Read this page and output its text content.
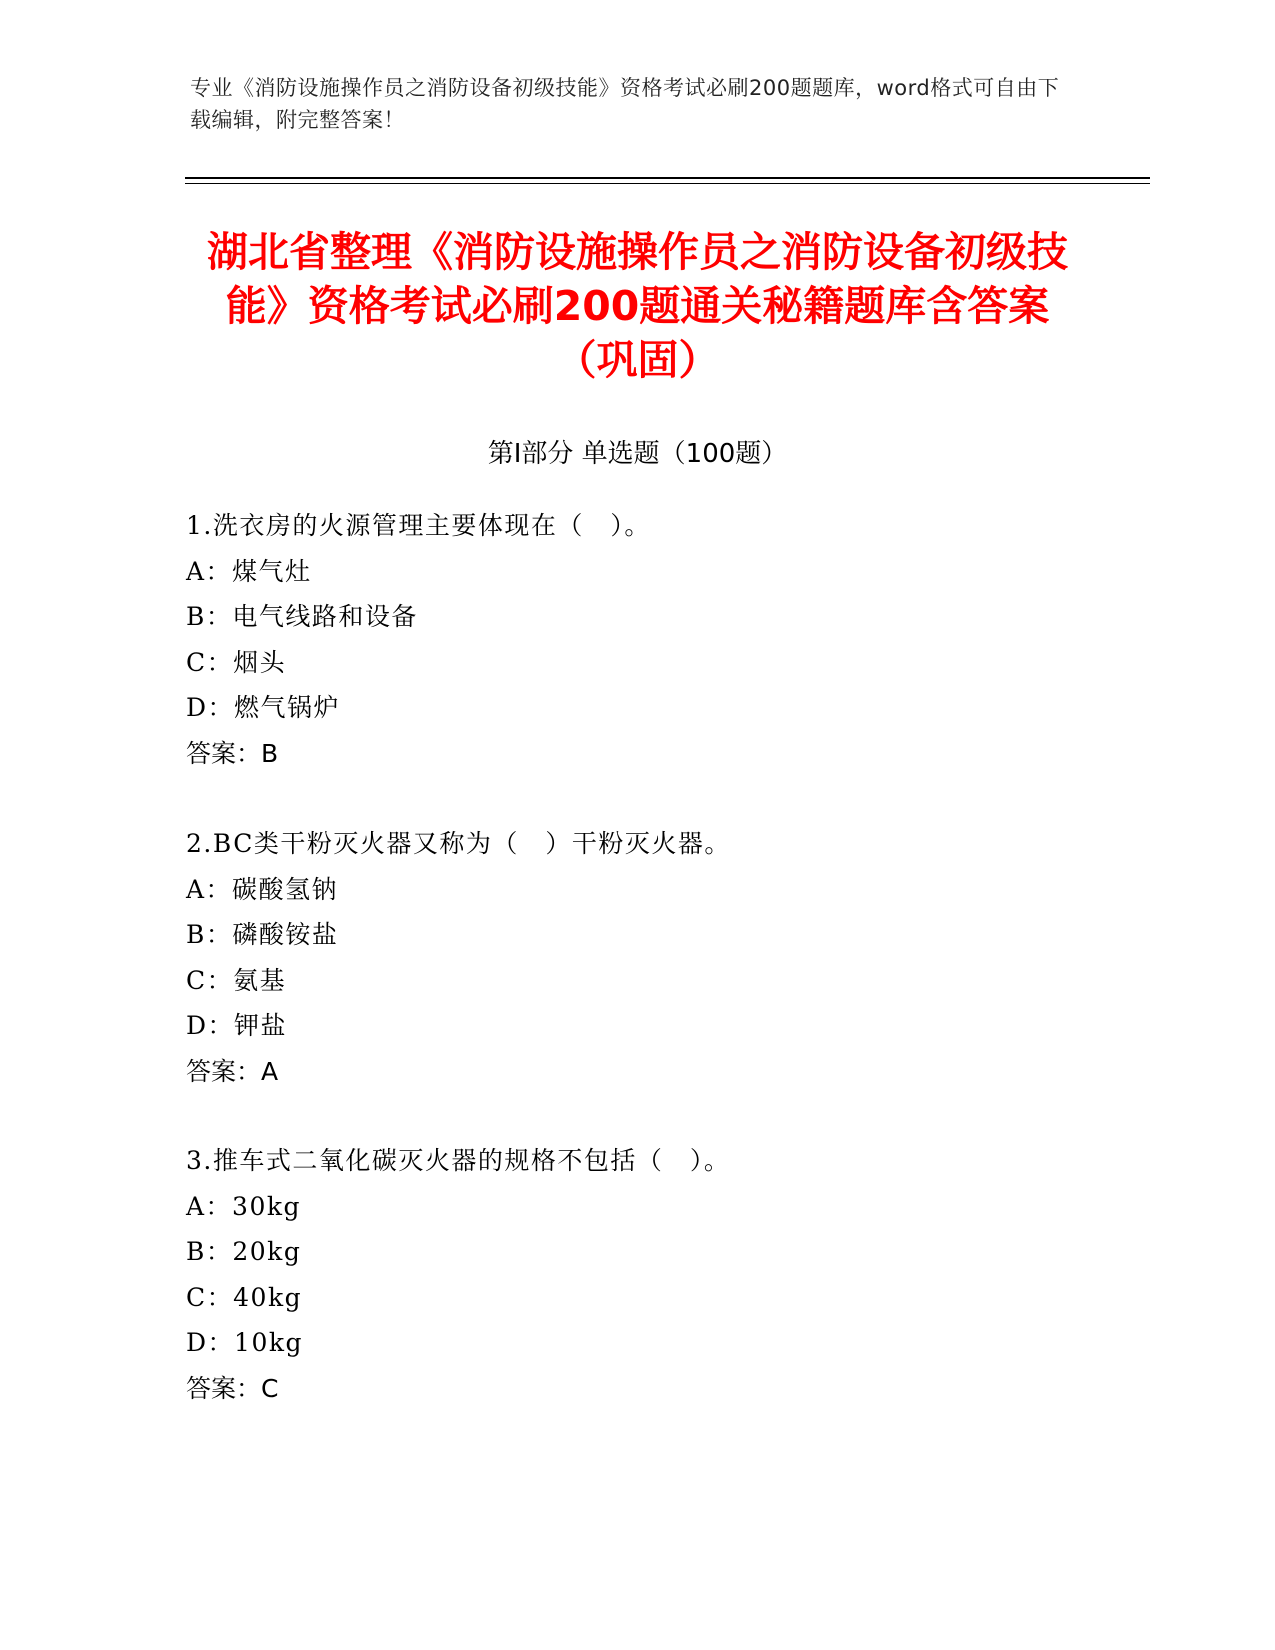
专业《消防设施操作员之消防设备初级技能》资格考试必刷200题题库，word格式可自由下载编辑，附完整答案！
湖北省整理《消防设施操作员之消防设备初级技能》资格考试必刷200题通关秘籍题库含答案（巩固）
第Ⅰ部分 单选题（100题）
1.洗衣房的火源管理主要体现在（　）。
A：煤气灶
B：电气线路和设备
C：烟头
D：燃气锅炉
答案：B
2.BC类干粉灭火器又称为（　）干粉灭火器。
A：碳酸氢钠
B：磷酸铵盐
C：氨基
D：钾盐
答案：A
3.推车式二氧化碳灭火器的规格不包括（　）。
A：30kg
B：20kg
C：40kg
D：10kg
答案：C
